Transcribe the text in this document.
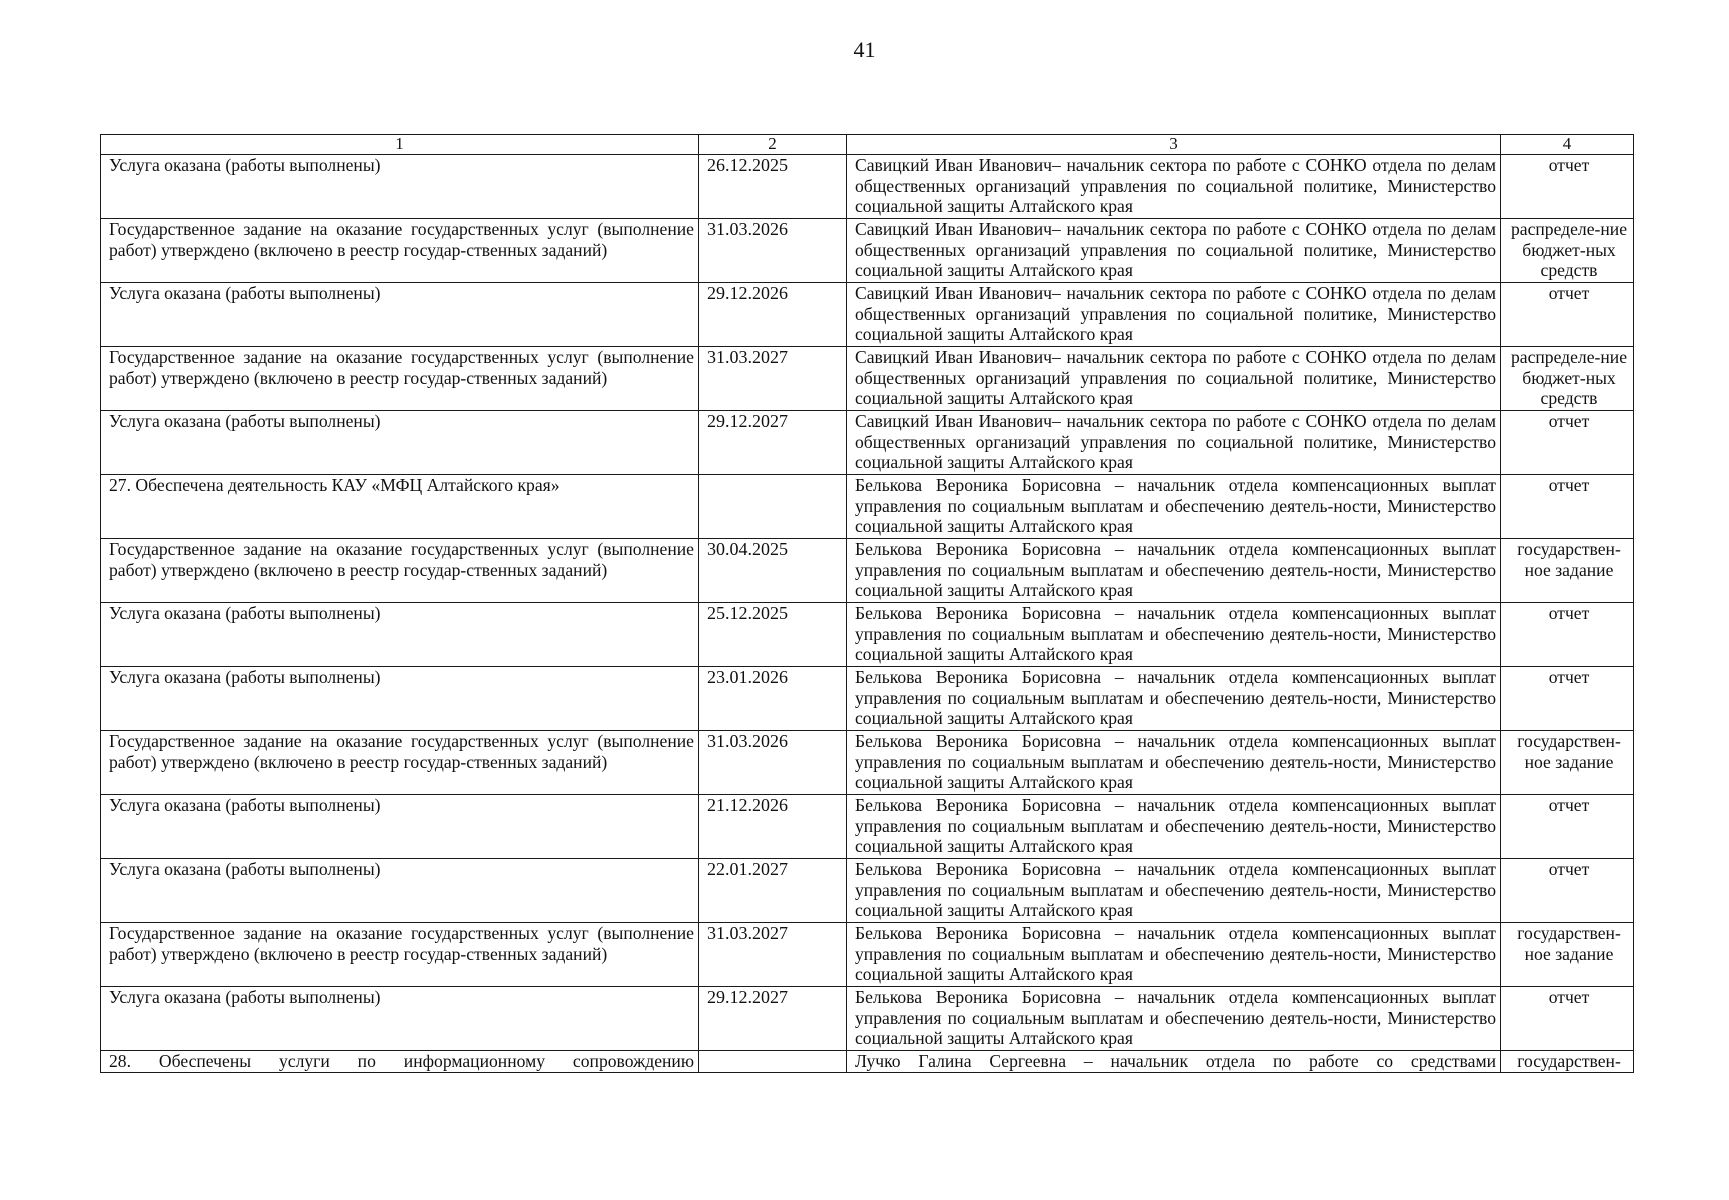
41
1	2	3	4
Услуга оказана (работы выполнены)	26.12.2025	Савицкий Иван Иванович– начальник сектора по работе с СОНКО отдела по делам общественных организаций управления по социальной политике, Министерство социальной защиты Алтайского края	отчет
Государственное задание на оказание государственных услуг (выполнение работ) утверждено (включено в реестр государ-ственных заданий)	31.03.2026	Савицкий Иван Иванович– начальник сектора по работе с СОНКО отдела по делам общественных организаций управления по социальной политике, Министерство социальной защиты Алтайского края	распределе-ние бюджет-ных средств
Услуга оказана (работы выполнены)	29.12.2026	Савицкий Иван Иванович– начальник сектора по работе с СОНКО отдела по делам общественных организаций управления по социальной политике, Министерство социальной защиты Алтайского края	отчет
Государственное задание на оказание государственных услуг (выполнение работ) утверждено (включено в реестр государ-ственных заданий)	31.03.2027	Савицкий Иван Иванович– начальник сектора по работе с СОНКО отдела по делам общественных организаций управления по социальной политике, Министерство социальной защиты Алтайского края	распределе-ние бюджет-ных средств
Услуга оказана (работы выполнены)	29.12.2027	Савицкий Иван Иванович– начальник сектора по работе с СОНКО отдела по делам общественных организаций управления по социальной политике, Министерство социальной защиты Алтайского края	отчет
27. Обеспечена деятельность КАУ «МФЦ Алтайского края»		Белькова Вероника Борисовна – начальник отдела компенсационных выплат управления по социальным выплатам и обеспечению деятель-ности, Министерство социальной защиты Алтайского края	отчет
Государственное задание на оказание государственных услуг (выполнение работ) утверждено (включено в реестр государ-ственных заданий)	30.04.2025	Белькова Вероника Борисовна – начальник отдела компенсационных выплат управления по социальным выплатам и обеспечению деятель-ности, Министерство социальной защиты Алтайского края	государствен-ное задание
Услуга оказана (работы выполнены)	25.12.2025	Белькова Вероника Борисовна – начальник отдела компенсационных выплат управления по социальным выплатам и обеспечению деятель-ности, Министерство социальной защиты Алтайского края	отчет
Услуга оказана (работы выполнены)	23.01.2026	Белькова Вероника Борисовна – начальник отдела компенсационных выплат управления по социальным выплатам и обеспечению деятель-ности, Министерство социальной защиты Алтайского края	отчет
Государственное задание на оказание государственных услуг (выполнение работ) утверждено (включено в реестр государ-ственных заданий)	31.03.2026	Белькова Вероника Борисовна – начальник отдела компенсационных выплат управления по социальным выплатам и обеспечению деятель-ности, Министерство социальной защиты Алтайского края	государствен-ное задание
Услуга оказана (работы выполнены)	21.12.2026	Белькова Вероника Борисовна – начальник отдела компенсационных выплат управления по социальным выплатам и обеспечению деятель-ности, Министерство социальной защиты Алтайского края	отчет
Услуга оказана (работы выполнены)	22.01.2027	Белькова Вероника Борисовна – начальник отдела компенсационных выплат управления по социальным выплатам и обеспечению деятель-ности, Министерство социальной защиты Алтайского края	отчет
Государственное задание на оказание государственных услуг (выполнение работ) утверждено (включено в реестр государ-ственных заданий)	31.03.2027	Белькова Вероника Борисовна – начальник отдела компенсационных выплат управления по социальным выплатам и обеспечению деятель-ности, Министерство социальной защиты Алтайского края	государствен-ное задание
Услуга оказана (работы выполнены)	29.12.2027	Белькова Вероника Борисовна – начальник отдела компенсационных выплат управления по социальным выплатам и обеспечению деятель-ности, Министерство социальной защиты Алтайского края	отчет
28. Обеспечены услуги по информационному сопровождению		Лучко Галина Сергеевна – начальник отдела по работе со средствами	государствен-
